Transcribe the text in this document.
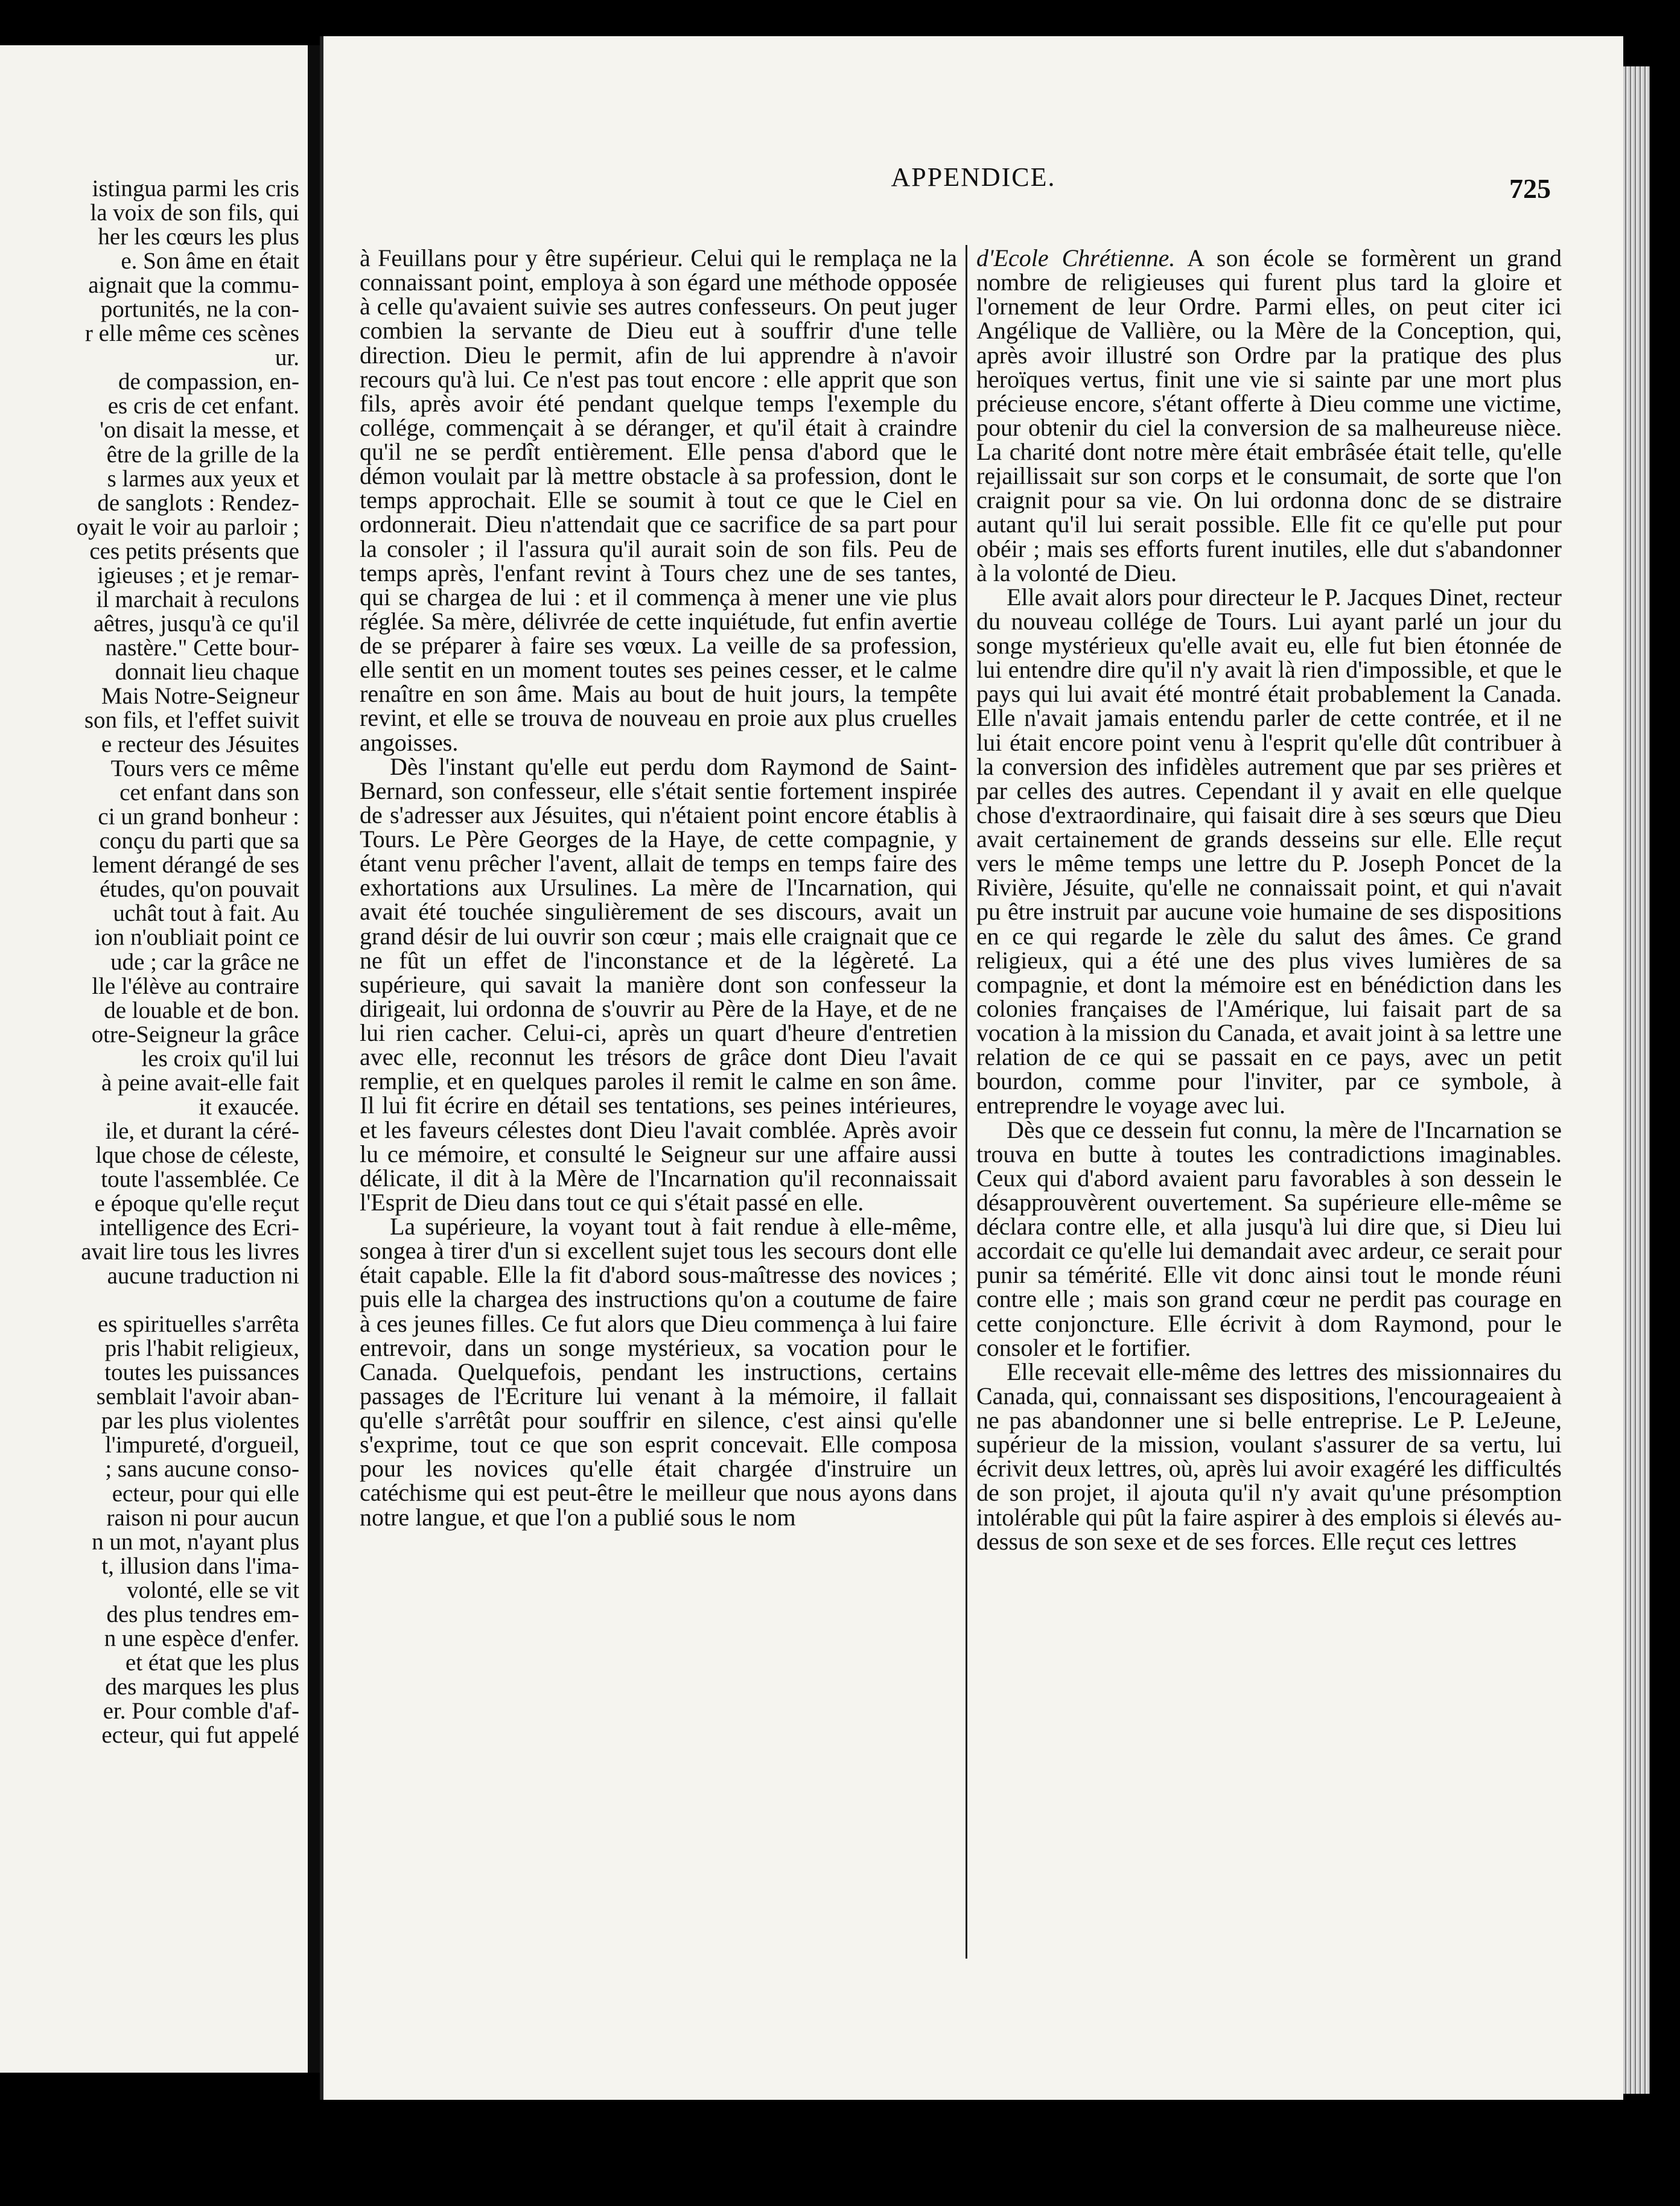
istingua parmi les cris
la voix de son fils, qui
her les cœurs les plus
e. Son âme en était
aignait que la commu-
portunités, ne la con-
r elle même ces scènes
ur.
de compassion, en-
es cris de cet enfant.
'on disait la messe, et
être de la grille de la
s larmes aux yeux et
de sanglots : Rendez-
oyait le voir au parloir ;
ces petits présents que
igieuses ; et je remar-
il marchait à reculons
aêtres, jusqu'à ce qu'il
nastère." Cette bour-
donnait lieu chaque
Mais Notre-Seigneur
son fils, et l'effet suivit
e recteur des Jésuites
Tours vers ce même
cet enfant dans son
ci un grand bonheur :
conçu du parti que sa
lement dérangé de ses
études, qu'on pouvait
uchât tout à fait. Au
ion n'oubliait point ce
ude ; car la grâce ne
lle l'élève au contraire
de louable et de bon.
otre-Seigneur la grâce
les croix qu'il lui
à peine avait-elle fait
it exaucée.
ile, et durant la céré-
lque chose de céleste,
toute l'assemblée. Ce
e époque qu'elle reçut
intelligence des Ecri-
avait lire tous les livres
aucune traduction ni

es spirituelles s'arrêta
pris l'habit religieux,
toutes les puissances
semblait l'avoir aban-
par les plus violentes
l'impureté, d'orgueil,
; sans aucune conso-
ecteur, pour qui elle
raison ni pour aucun
n un mot, n'ayant plus
t, illusion dans l'ima-
volonté, elle se vit
des plus tendres em-
n une espèce d'enfer.
et état que les plus
des marques les plus
er. Pour comble d'af-
ecteur, qui fut appelé
APPENDICE.	725

à Feuillans pour y être supérieur. Celui qui le remplaça ne la connaissant point, employa à son égard une méthode opposée à celle qu'avaient suivie ses autres confesseurs. On peut juger combien la servante de Dieu eut à souffrir d'une telle direction. Dieu le permit, afin de lui apprendre à n'avoir recours qu'à lui. Ce n'est pas tout encore : elle apprit que son fils, après avoir été pendant quelque temps l'exemple du collége, commençait à se déranger, et qu'il était à craindre qu'il ne se perdît entièrement. Elle pensa d'abord que le démon voulait par là mettre obstacle à sa profession, dont le temps approchait. Elle se soumit à tout ce que le Ciel en ordonnerait. Dieu n'attendait que ce sacrifice de sa part pour la consoler ; il l'assura qu'il aurait soin de son fils. Peu de temps après, l'enfant revint à Tours chez une de ses tantes, qui se chargea de lui : et il commença à mener une vie plus réglée. Sa mère, délivrée de cette inquiétude, fut enfin avertie de se préparer à faire ses vœux. La veille de sa profession, elle sentit en un moment toutes ses peines cesser, et le calme renaître en son âme. Mais au bout de huit jours, la tempête revint, et elle se trouva de nouveau en proie aux plus cruelles angoisses.

Dès l'instant qu'elle eut perdu dom Raymond de Saint-Bernard, son confesseur, elle s'était sentie fortement inspirée de s'adresser aux Jésuites, qui n'étaient point encore établis à Tours. Le Père Georges de la Haye, de cette compagnie, y étant venu prêcher l'avent, allait de temps en temps faire des exhortations aux Ursulines. La mère de l'Incarnation, qui avait été touchée singulièrement de ses discours, avait un grand désir de lui ouvrir son cœur ; mais elle craignait que ce ne fût un effet de l'inconstance et de la légèreté. La supérieure, qui savait la manière dont son confesseur la dirigeait, lui ordonna de s'ouvrir au Père de la Haye, et de ne lui rien cacher. Celui-ci, après un quart d'heure d'entretien avec elle, reconnut les trésors de grâce dont Dieu l'avait remplie, et en quelques paroles il remit le calme en son âme. Il lui fit écrire en détail ses tentations, ses peines intérieures, et les faveurs célestes dont Dieu l'avait comblée. Après avoir lu ce mémoire, et consulté le Seigneur sur une affaire aussi délicate, il dit à la Mère de l'Incarnation qu'il reconnaissait l'Esprit de Dieu dans tout ce qui s'était passé en elle.

La supérieure, la voyant tout à fait rendue à elle-même, songea à tirer d'un si excellent sujet tous les secours dont elle était capable. Elle la fit d'abord sous-maîtresse des novices ; puis elle la chargea des instructions qu'on a coutume de faire à ces jeunes filles. Ce fut alors que Dieu commença à lui faire entrevoir, dans un songe mystérieux, sa vocation pour le Canada. Quelquefois, pendant les instructions, certains passages de l'Ecriture lui venant à la mémoire, il fallait qu'elle s'arrêtât pour souffrir en silence, c'est ainsi qu'elle s'exprime, tout ce que son esprit concevait. Elle composa pour les novices qu'elle était chargée d'instruire un catéchisme qui est peut-être le meilleur que nous ayons dans notre langue, et que l'on a publié sous le nom

d'Ecole Chrétienne. A son école se formèrent un grand nombre de religieuses qui furent plus tard la gloire et l'ornement de leur Ordre. Parmi elles, on peut citer ici Angélique de Vallière, ou la Mère de la Conception, qui, après avoir illustré son Ordre par la pratique des plus heroïques vertus, finit une vie si sainte par une mort plus précieuse encore, s'étant offerte à Dieu comme une victime, pour obtenir du ciel la conversion de sa malheureuse nièce. La charité dont notre mère était embrâsée était telle, qu'elle rejaillissait sur son corps et le consumait, de sorte que l'on craignit pour sa vie. On lui ordonna donc de se distraire autant qu'il lui serait possible. Elle fit ce qu'elle put pour obéir ; mais ses efforts furent inutiles, elle dut s'abandonner à la volonté de Dieu.

Elle avait alors pour directeur le P. Jacques Dinet, recteur du nouveau collége de Tours. Lui ayant parlé un jour du songe mystérieux qu'elle avait eu, elle fut bien étonnée de lui entendre dire qu'il n'y avait là rien d'impossible, et que le pays qui lui avait été montré était probablement la Canada. Elle n'avait jamais entendu parler de cette contrée, et il ne lui était encore point venu à l'esprit qu'elle dût contribuer à la conversion des infidèles autrement que par ses prières et par celles des autres. Cependant il y avait en elle quelque chose d'extraordinaire, qui faisait dire à ses sœurs que Dieu avait certainement de grands desseins sur elle. Elle reçut vers le même temps une lettre du P. Joseph Poncet de la Rivière, Jésuite, qu'elle ne connaissait point, et qui n'avait pu être instruit par aucune voie humaine de ses dispositions en ce qui regarde le zèle du salut des âmes. Ce grand religieux, qui a été une des plus vives lumières de sa compagnie, et dont la mémoire est en bénédiction dans les colonies françaises de l'Amérique, lui faisait part de sa vocation à la mission du Canada, et avait joint à sa lettre une relation de ce qui se passait en ce pays, avec un petit bourdon, comme pour l'inviter, par ce symbole, à entreprendre le voyage avec lui.

Dès que ce dessein fut connu, la mère de l'Incarnation se trouva en butte à toutes les contradictions imaginables. Ceux qui d'abord avaient paru favorables à son dessein le désapprouvèrent ouvertement. Sa supérieure elle-même se déclara contre elle, et alla jusqu'à lui dire que, si Dieu lui accordait ce qu'elle lui demandait avec ardeur, ce serait pour punir sa témérité. Elle vit donc ainsi tout le monde réuni contre elle ; mais son grand cœur ne perdit pas courage en cette conjoncture. Elle écrivit à dom Raymond, pour le consoler et le fortifier.

Elle recevait elle-même des lettres des missionnaires du Canada, qui, connaissant ses dispositions, l'encourageaient à ne pas abandonner une si belle entreprise. Le P. LeJeune, supérieur de la mission, voulant s'assurer de sa vertu, lui écrivit deux lettres, où, après lui avoir exagéré les difficultés de son projet, il ajouta qu'il n'y avait qu'une présomption intolérable qui pût la faire aspirer à des emplois si élevés au-dessus de son sexe et de ses forces. Elle reçut ces lettres
